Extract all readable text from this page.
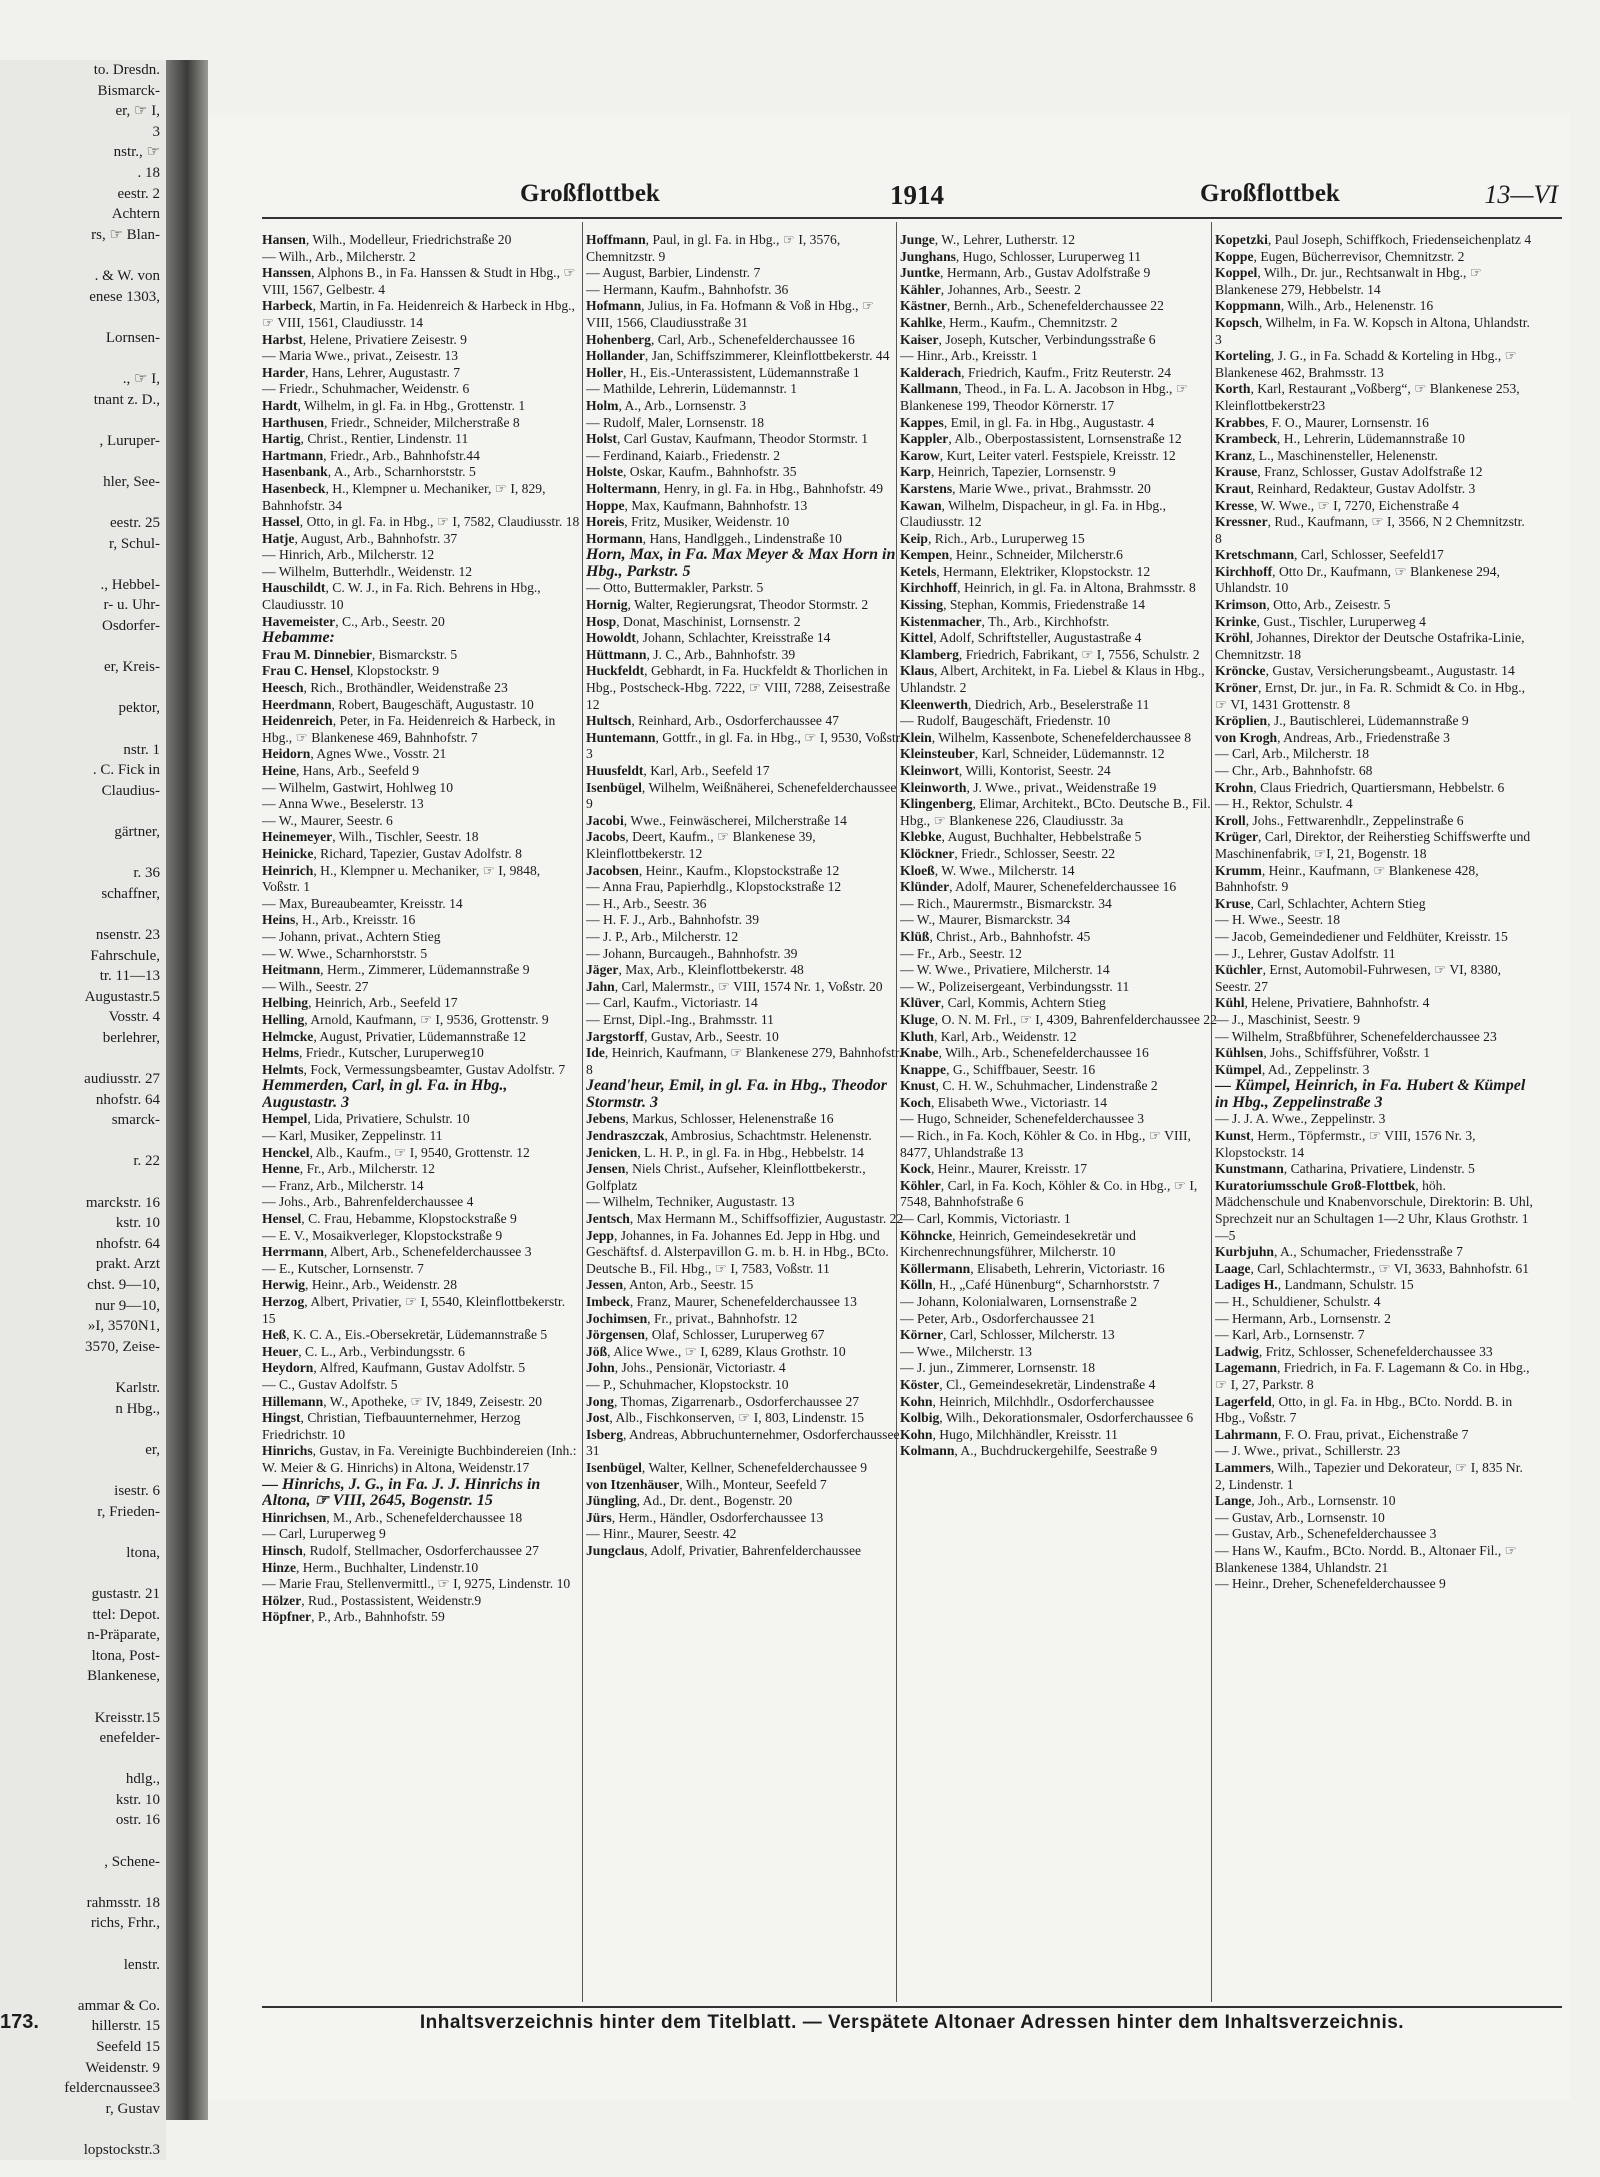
to. Dresdn.
Bismarck-
er, ☞ I,
3
nstr., ☞
. 18
eestr. 2
Achtern
rs, ☞ Blan-
. & W. von
enese 1303,
Lornsen-
., ☞ I,
tnant z. D.,
, Luruper-
hler, See-
eestr. 25
r, Schul-
., Hebbel-
r- u. Uhr-
Osdorfer-
er, Kreis-
pektor,
nstr. 1
. C. Fick in
Claudius-
gärtner,
r. 36
schaffner,
nsenstr. 23
Fahrschule,
tr. 11—13
Augustastr.5
Vosstr. 4
berlehrer,
audiusstr. 27
nhofstr. 64
smarck-
r. 22
marckstr. 16
kstr. 10
nhofstr. 64
prakt. Arzt
chst. 9—10,
nur 9—10,
»I, 3570N1,
3570, Zeise-
Karlstr.
n Hbg.,
er,
isestr. 6
r, Frieden-
ltona,
gustastr. 21
ttel: Depot.
n-Präparate,
ltona, Post-
Blankenese,
Kreisstr.15
enefelder-
hdlg.,
kstr. 10
ostr. 16
, Schene-
rahmsstr. 18
richs, Frhr.,
lenstr.
ammar & Co.
hillerstr. 15
Seefeld 15
Weidenstr. 9
feldercnaussee3
r, Gustav
lopstockstr.3
Großflottbek	1914	Großflottbek	13—VI

Hansen, Wilh., Modelleur, Friedrichstraße 20

— Wilh., Arb., Milcherstr. 2

Hanssen, Alphons B., in Fa. Hanssen & Studt in Hbg., ☞ VIII, 1567, Gelbestr. 4

Harbeck, Martin, in Fa. Heidenreich & Harbeck in Hbg., ☞ VIII, 1561, Claudiusstr. 14

Harbst, Helene, Privatiere Zeisestr. 9

— Maria Wwe., privat., Zeisestr. 13

Harder, Hans, Lehrer, Augustastr. 7

— Friedr., Schuhmacher, Weidenstr. 6

Hardt, Wilhelm, in gl. Fa. in Hbg., Grottenstr. 1

Harthusen, Friedr., Schneider, Milcherstraße 8

Hartig, Christ., Rentier, Lindenstr. 11

Hartmann, Friedr., Arb., Bahnhofstr.44

Hasenbank, A., Arb., Scharnhorststr. 5

Hasenbeck, H., Klempner u. Mechaniker, ☞ I, 829, Bahnhofstr. 34

Hassel, Otto, in gl. Fa. in Hbg., ☞ I, 7582, Claudiusstr. 18

Hatje, August, Arb., Bahnhofstr. 37

— Hinrich, Arb., Milcherstr. 12

— Wilhelm, Butterhdlr., Weidenstr. 12

Hauschildt, C. W. J., in Fa. Rich. Behrens in Hbg., Claudiusstr. 10

Havemeister, C., Arb., Seestr. 20

Hebamme:

Frau M. Dinnebier, Bismarckstr. 5

Frau C. Hensel, Klopstockstr. 9

Heesch, Rich., Brothändler, Weidenstraße 23

Heerdmann, Robert, Baugeschäft, Augustastr. 10

Heidenreich, Peter, in Fa. Heidenreich & Harbeck, in Hbg., ☞ Blankenese 469, Bahnhofstr. 7

Heidorn, Agnes Wwe., Vosstr. 21

Heine, Hans, Arb., Seefeld 9

— Wilhelm, Gastwirt, Hohlweg 10

— Anna Wwe., Beselerstr. 13

— W., Maurer, Seestr. 6

Heinemeyer, Wilh., Tischler, Seestr. 18

Heinicke, Richard, Tapezier, Gustav Adolfstr. 8

Heinrich, H., Klempner u. Mechaniker, ☞ I, 9848, Voßstr. 1

— Max, Bureaubeamter, Kreisstr. 14

Heins, H., Arb., Kreisstr. 16

— Johann, privat., Achtern Stieg

— W. Wwe., Scharnhorststr. 5

Heitmann, Herm., Zimmerer, Lüdemannstraße 9

— Wilh., Seestr. 27

Helbing, Heinrich, Arb., Seefeld 17

Helling, Arnold, Kaufmann, ☞ I, 9536, Grottenstr. 9

Helmcke, August, Privatier, Lüdemannstraße 12

Helms, Friedr., Kutscher, Luruperweg10

Helmts, Fock, Vermessungsbeamter, Gustav Adolfstr. 7

Hemmerden, Carl, in gl. Fa. in Hbg., Augustastr. 3

Hempel, Lida, Privatiere, Schulstr. 10

— Karl, Musiker, Zeppelinstr. 11

Henckel, Alb., Kaufm., ☞ I, 9540, Grottenstr. 12

Henne, Fr., Arb., Milcherstr. 12

— Franz, Arb., Milcherstr. 14

— Johs., Arb., Bahrenfelderchaussee 4

Hensel, C. Frau, Hebamme, Klopstockstraße 9

— E. V., Mosaikverleger, Klopstockstraße 9

Herrmann, Albert, Arb., Schenefelderchaussee 3

— E., Kutscher, Lornsenstr. 7

Herwig, Heinr., Arb., Weidenstr. 28

Herzog, Albert, Privatier, ☞ I, 5540, Kleinflottbekerstr. 15

Heß, K. C. A., Eis.-Obersekretär, Lüdemannstraße 5

Heuer, C. L., Arb., Verbindungsstr. 6

Heydorn, Alfred, Kaufmann, Gustav Adolfstr. 5

— C., Gustav Adolfstr. 5

Hillemann, W., Apotheke, ☞ IV, 1849, Zeisestr. 20

Hingst, Christian, Tiefbauunternehmer, Herzog Friedrichstr. 10

Hinrichs, Gustav, in Fa. Vereinigte Buchbindereien (Inh.: W. Meier & G. Hinrichs) in Altona, Weidenstr.17

— Hinrichs, J. G., in Fa. J. J. Hinrichs in Altona, ☞ VIII, 2645, Bogenstr. 15

Hinrichsen, M., Arb., Schenefelderchaussee 18

— Carl, Luruperweg 9

Hinsch, Rudolf, Stellmacher, Osdorferchaussee 27

Hinze, Herm., Buchhalter, Lindenstr.10

— Marie Frau, Stellenvermittl., ☞ I, 9275, Lindenstr. 10

Hölzer, Rud., Postassistent, Weidenstr.9

Höpfner, P., Arb., Bahnhofstr. 59

Hoffmann, Paul, in gl. Fa. in Hbg., ☞ I, 3576, Chemnitzstr. 9

— August, Barbier, Lindenstr. 7

— Hermann, Kaufm., Bahnhofstr. 36

Hofmann, Julius, in Fa. Hofmann & Voß in Hbg., ☞ VIII, 1566, Claudiusstraße 31

Hohenberg, Carl, Arb., Schenefelderchaussee 16

Hollander, Jan, Schiffszimmerer, Kleinflottbekerstr. 44

Holler, H., Eis.-Unterassistent, Lüdemannstraße 1

— Mathilde, Lehrerin, Lüdemannstr. 1

Holm, A., Arb., Lornsenstr. 3

— Rudolf, Maler, Lornsenstr. 18

Holst, Carl Gustav, Kaufmann, Theodor Stormstr. 1

— Ferdinand, Kaiarb., Friedenstr. 2

Holste, Oskar, Kaufm., Bahnhofstr. 35

Holtermann, Henry, in gl. Fa. in Hbg., Bahnhofstr. 49

Hoppe, Max, Kaufmann, Bahnhofstr. 13

Horeis, Fritz, Musiker, Weidenstr. 10

Hormann, Hans, Handlggeh., Lindenstraße 10

Horn, Max, in Fa. Max Meyer & Max Horn in Hbg., Parkstr. 5

— Otto, Buttermakler, Parkstr. 5

Hornig, Walter, Regierungsrat, Theodor Stormstr. 2

Hosp, Donat, Maschinist, Lornsenstr. 2

Howoldt, Johann, Schlachter, Kreisstraße 14

Hüttmann, J. C., Arb., Bahnhofstr. 39

Huckfeldt, Gebhardt, in Fa. Huckfeldt & Thorlichen in Hbg., Postscheck-Hbg. 7222, ☞ VIII, 7288, Zeisestraße 12

Hultsch, Reinhard, Arb., Osdorferchaussee 47

Huntemann, Gottfr., in gl. Fa. in Hbg., ☞ I, 9530, Voßstr. 3

Huusfeldt, Karl, Arb., Seefeld 17

Isenbügel, Wilhelm, Weißnäherei, Schenefelderchaussee 9

Jacobi, Wwe., Feinwäscherei, Milcherstraße 14

Jacobs, Deert, Kaufm., ☞ Blankenese 39, Kleinflottbekerstr. 12

Jacobsen, Heinr., Kaufm., Klopstockstraße 12

— Anna Frau, Papierhdlg., Klopstockstraße 12

— H., Arb., Seestr. 36

— H. F. J., Arb., Bahnhofstr. 39

— J. P., Arb., Milcherstr. 12

— Johann, Burcaugeh., Bahnhofstr. 39

Jäger, Max, Arb., Kleinflottbekerstr. 48

Jahn, Carl, Malermstr., ☞ VIII, 1574 Nr. 1, Voßstr. 20

— Carl, Kaufm., Victoriastr. 14

— Ernst, Dipl.-Ing., Brahmsstr. 11

Jargstorff, Gustav, Arb., Seestr. 10

Ide, Heinrich, Kaufmann, ☞ Blankenese 279, Bahnhofstr. 8

Jeand'heur, Emil, in gl. Fa. in Hbg., Theodor Stormstr. 3

Jebens, Markus, Schlosser, Helenenstraße 16

Jendraszczak, Ambrosius, Schachtmstr. Helenenstr.

Jenicken, L. H. P., in gl. Fa. in Hbg., Hebbelstr. 14

Jensen, Niels Christ., Aufseher, Kleinflottbekerstr., Golfplatz

— Wilhelm, Techniker, Augustastr. 13

Jentsch, Max Hermann M., Schiffsoffizier, Augustastr. 22

Jepp, Johannes, in Fa. Johannes Ed. Jepp in Hbg. und Geschäftsf. d. Alsterpavillon G. m. b. H. in Hbg., BCto. Deutsche B., Fil. Hbg., ☞ I, 7583, Voßstr. 11

Jessen, Anton, Arb., Seestr. 15

Imbeck, Franz, Maurer, Schenefelderchaussee 13

Jochimsen, Fr., privat., Bahnhofstr. 12

Jörgensen, Olaf, Schlosser, Luruperweg 67

Jöß, Alice Wwe., ☞ I, 6289, Klaus Grothstr. 10

John, Johs., Pensionär, Victoriastr. 4

— P., Schuhmacher, Klopstockstr. 10

Jong, Thomas, Zigarrenarb., Osdorferchaussee 27

Jost, Alb., Fischkonserven, ☞ I, 803, Lindenstr. 15

Isberg, Andreas, Abbruchunternehmer, Osdorferchaussee 31

Isenbügel, Walter, Kellner, Schenefelderchaussee 9

von Itzenhäuser, Wilh., Monteur, Seefeld 7

Jüngling, Ad., Dr. dent., Bogenstr. 20

Jürs, Herm., Händler, Osdorferchaussee 13

— Hinr., Maurer, Seestr. 42

Jungclaus, Adolf, Privatier, Bahrenfelderchaussee

Junge, W., Lehrer, Lutherstr. 12

Junghans, Hugo, Schlosser, Luruperweg 11

Juntke, Hermann, Arb., Gustav Adolfstraße 9

Kähler, Johannes, Arb., Seestr. 2

Kästner, Bernh., Arb., Schenefelderchaussee 22

Kahlke, Herm., Kaufm., Chemnitzstr. 2

Kaiser, Joseph, Kutscher, Verbindungsstraße 6

— Hinr., Arb., Kreisstr. 1

Kalderach, Friedrich, Kaufm., Fritz Reuterstr. 24

Kallmann, Theod., in Fa. L. A. Jacobson in Hbg., ☞ Blankenese 199, Theodor Körnerstr. 17

Kappes, Emil, in gl. Fa. in Hbg., Augustastr. 4

Kappler, Alb., Oberpostassistent, Lornsenstraße 12

Karow, Kurt, Leiter vaterl. Festspiele, Kreisstr. 12

Karp, Heinrich, Tapezier, Lornsenstr. 9

Karstens, Marie Wwe., privat., Brahmsstr. 20

Kawan, Wilhelm, Dispacheur, in gl. Fa. in Hbg., Claudiusstr. 12

Keip, Rich., Arb., Luruperweg 15

Kempen, Heinr., Schneider, Milcherstr.6

Ketels, Hermann, Elektriker, Klopstockstr. 12

Kirchhoff, Heinrich, in gl. Fa. in Altona, Brahmsstr. 8

Kissing, Stephan, Kommis, Friedenstraße 14

Kistenmacher, Th., Arb., Kirchhofstr.

Kittel, Adolf, Schriftsteller, Augustastraße 4

Klamberg, Friedrich, Fabrikant, ☞ I, 7556, Schulstr. 2

Klaus, Albert, Architekt, in Fa. Liebel & Klaus in Hbg., Uhlandstr. 2

Kleenwerth, Diedrich, Arb., Beselerstraße 11

— Rudolf, Baugeschäft, Friedenstr. 10

Klein, Wilhelm, Kassenbote, Schenefelderchaussee 8

Kleinsteuber, Karl, Schneider, Lüdemannstr. 12

Kleinwort, Willi, Kontorist, Seestr. 24

Kleinworth, J. Wwe., privat., Weidenstraße 19

Klingenberg, Elimar, Architekt., BCto. Deutsche B., Fil. Hbg., ☞ Blankenese 226, Claudiusstr. 3a

Klebke, August, Buchhalter, Hebbelstraße 5

Klöckner, Friedr., Schlosser, Seestr. 22

Kloeß, W. Wwe., Milcherstr. 14

Klünder, Adolf, Maurer, Schenefelderchaussee 16

— Rich., Maurermstr., Bismarckstr. 34

— W., Maurer, Bismarckstr. 34

Klüß, Christ., Arb., Bahnhofstr. 45

— Fr., Arb., Seestr. 12

— W. Wwe., Privatiere, Milcherstr. 14

— W., Polizeisergeant, Verbindungsstr. 11

Klüver, Carl, Kommis, Achtern Stieg

Kluge, O. N. M. Frl., ☞ I, 4309, Bahrenfelderchaussee 22

Kluth, Karl, Arb., Weidenstr. 12

Knabe, Wilh., Arb., Schenefelderchaussee 16

Knappe, G., Schiffbauer, Seestr. 16

Knust, C. H. W., Schuhmacher, Lindenstraße 2

Koch, Elisabeth Wwe., Victoriastr. 14

— Hugo, Schneider, Schenefelderchaussee 3

— Rich., in Fa. Koch, Köhler & Co. in Hbg., ☞ VIII, 8477, Uhlandstraße 13

Kock, Heinr., Maurer, Kreisstr. 17

Köhler, Carl, in Fa. Koch, Köhler & Co. in Hbg., ☞ I, 7548, Bahnhofstraße 6

— Carl, Kommis, Victoriastr. 1

Köhncke, Heinrich, Gemeindesekretär und Kirchenrechnungsführer, Milcherstr. 10

Köllermann, Elisabeth, Lehrerin, Victoriastr. 16

Kölln, H., „Café Hünenburg“, Scharnhorststr. 7

— Johann, Kolonialwaren, Lornsenstraße 2

— Peter, Arb., Osdorferchaussee 21

Körner, Carl, Schlosser, Milcherstr. 13

— Wwe., Milcherstr. 13

— J. jun., Zimmerer, Lornsenstr. 18

Köster, Cl., Gemeindesekretär, Lindenstraße 4

Kohn, Heinrich, Milchhdlr., Osdorferchaussee

Kolbig, Wilh., Dekorationsmaler, Osdorferchaussee 6

Kohn, Hugo, Milchhändler, Kreisstr. 11

Kolmann, A., Buchdruckergehilfe, Seestraße 9

Kopetzki, Paul Joseph, Schiffkoch, Friedenseichenplatz 4

Koppe, Eugen, Bücherrevisor, Chemnitzstr. 2

Koppel, Wilh., Dr. jur., Rechtsanwalt in Hbg., ☞ Blankenese 279, Hebbelstr. 14

Koppmann, Wilh., Arb., Helenenstr. 16

Kopsch, Wilhelm, in Fa. W. Kopsch in Altona, Uhlandstr. 3

Korteling, J. G., in Fa. Schadd & Korteling in Hbg., ☞ Blankenese 462, Brahmsstr. 13

Korth, Karl, Restaurant „Voßberg“, ☞ Blankenese 253, Kleinflottbekerstr23

Krabbes, F. O., Maurer, Lornsenstr. 16

Krambeck, H., Lehrerin, Lüdemannstraße 10

Kranz, L., Maschinensteller, Helenenstr.

Krause, Franz, Schlosser, Gustav Adolfstraße 12

Kraut, Reinhard, Redakteur, Gustav Adolfstr. 3

Kresse, W. Wwe., ☞ I, 7270, Eichenstraße 4

Kressner, Rud., Kaufmann, ☞ I, 3566, N 2 Chemnitzstr. 8

Kretschmann, Carl, Schlosser, Seefeld17

Kirchhoff, Otto Dr., Kaufmann, ☞ Blankenese 294, Uhlandstr. 10

Krimson, Otto, Arb., Zeisestr. 5

Krinke, Gust., Tischler, Luruperweg 4

Kröhl, Johannes, Direktor der Deutsche Ostafrika-Linie, Chemnitzstr. 18

Kröncke, Gustav, Versicherungsbeamt., Augustastr. 14

Kröner, Ernst, Dr. jur., in Fa. R. Schmidt & Co. in Hbg., ☞ VI, 1431 Grottenstr. 8

Kröplien, J., Bautischlerei, Lüdemannstraße 9

von Krogh, Andreas, Arb., Friedenstraße 3

— Carl, Arb., Milcherstr. 18

— Chr., Arb., Bahnhofstr. 68

Krohn, Claus Friedrich, Quartiersmann, Hebbelstr. 6

— H., Rektor, Schulstr. 4

Kroll, Johs., Fettwarenhdlr., Zeppelinstraße 6

Krüger, Carl, Direktor, der Reiherstieg Schiffswerfte und Maschinenfabrik, ☞I, 21, Bogenstr. 18

Krumm, Heinr., Kaufmann, ☞ Blankenese 428, Bahnhofstr. 9

Kruse, Carl, Schlachter, Achtern Stieg

— H. Wwe., Seestr. 18

— Jacob, Gemeindediener und Feldhüter, Kreisstr. 15

— J., Lehrer, Gustav Adolfstr. 11

Küchler, Ernst, Automobil-Fuhrwesen, ☞ VI, 8380, Seestr. 27

Kühl, Helene, Privatiere, Bahnhofstr. 4

— J., Maschinist, Seestr. 9

— Wilhelm, Straßbführer, Schenefelderchaussee 23

Kühlsen, Johs., Schiffsführer, Voßstr. 1

Kümpel, Ad., Zeppelinstr. 3

— Kümpel, Heinrich, in Fa. Hubert & Kümpel in Hbg., Zeppelinstraße 3

— J. J. A. Wwe., Zeppelinstr. 3

Kunst, Herm., Töpfermstr., ☞ VIII, 1576 Nr. 3, Klopstockstr. 14

Kunstmann, Catharina, Privatiere, Lindenstr. 5

Kuratoriumsschule Groß-Flottbek, höh. Mädchenschule und Knabenvorschule, Direktorin: B. Uhl, Sprechzeit nur an Schultagen 1—2 Uhr, Klaus Grothstr. 1—5

Kurbjuhn, A., Schumacher, Friedensstraße 7

Laage, Carl, Schlachtermstr., ☞ VI, 3633, Bahnhofstr. 61

Ladiges H., Landmann, Schulstr. 15

— H., Schuldiener, Schulstr. 4

— Hermann, Arb., Lornsenstr. 2

— Karl, Arb., Lornsenstr. 7

Ladwig, Fritz, Schlosser, Schenefelderchaussee 33

Lagemann, Friedrich, in Fa. F. Lagemann & Co. in Hbg., ☞ I, 27, Parkstr. 8

Lagerfeld, Otto, in gl. Fa. in Hbg., BCto. Nordd. B. in Hbg., Voßstr. 7

Lahrmann, F. O. Frau, privat., Eichenstraße 7

— J. Wwe., privat., Schillerstr. 23

Lammers, Wilh., Tapezier und Dekorateur, ☞ I, 835 Nr. 2, Lindenstr. 1

Lange, Joh., Arb., Lornsenstr. 10

— Gustav, Arb., Lornsenstr. 10

— Gustav, Arb., Schenefelderchaussee 3

— Hans W., Kaufm., BCto. Nordd. B., Altonaer Fil., ☞ Blankenese 1384, Uhlandstr. 21

— Heinr., Dreher, Schenefelderchaussee 9

Inhaltsverzeichnis hinter dem Titelblatt. — Verspätete Altonaer Adressen hinter dem Inhaltsverzeichnis.
173.
